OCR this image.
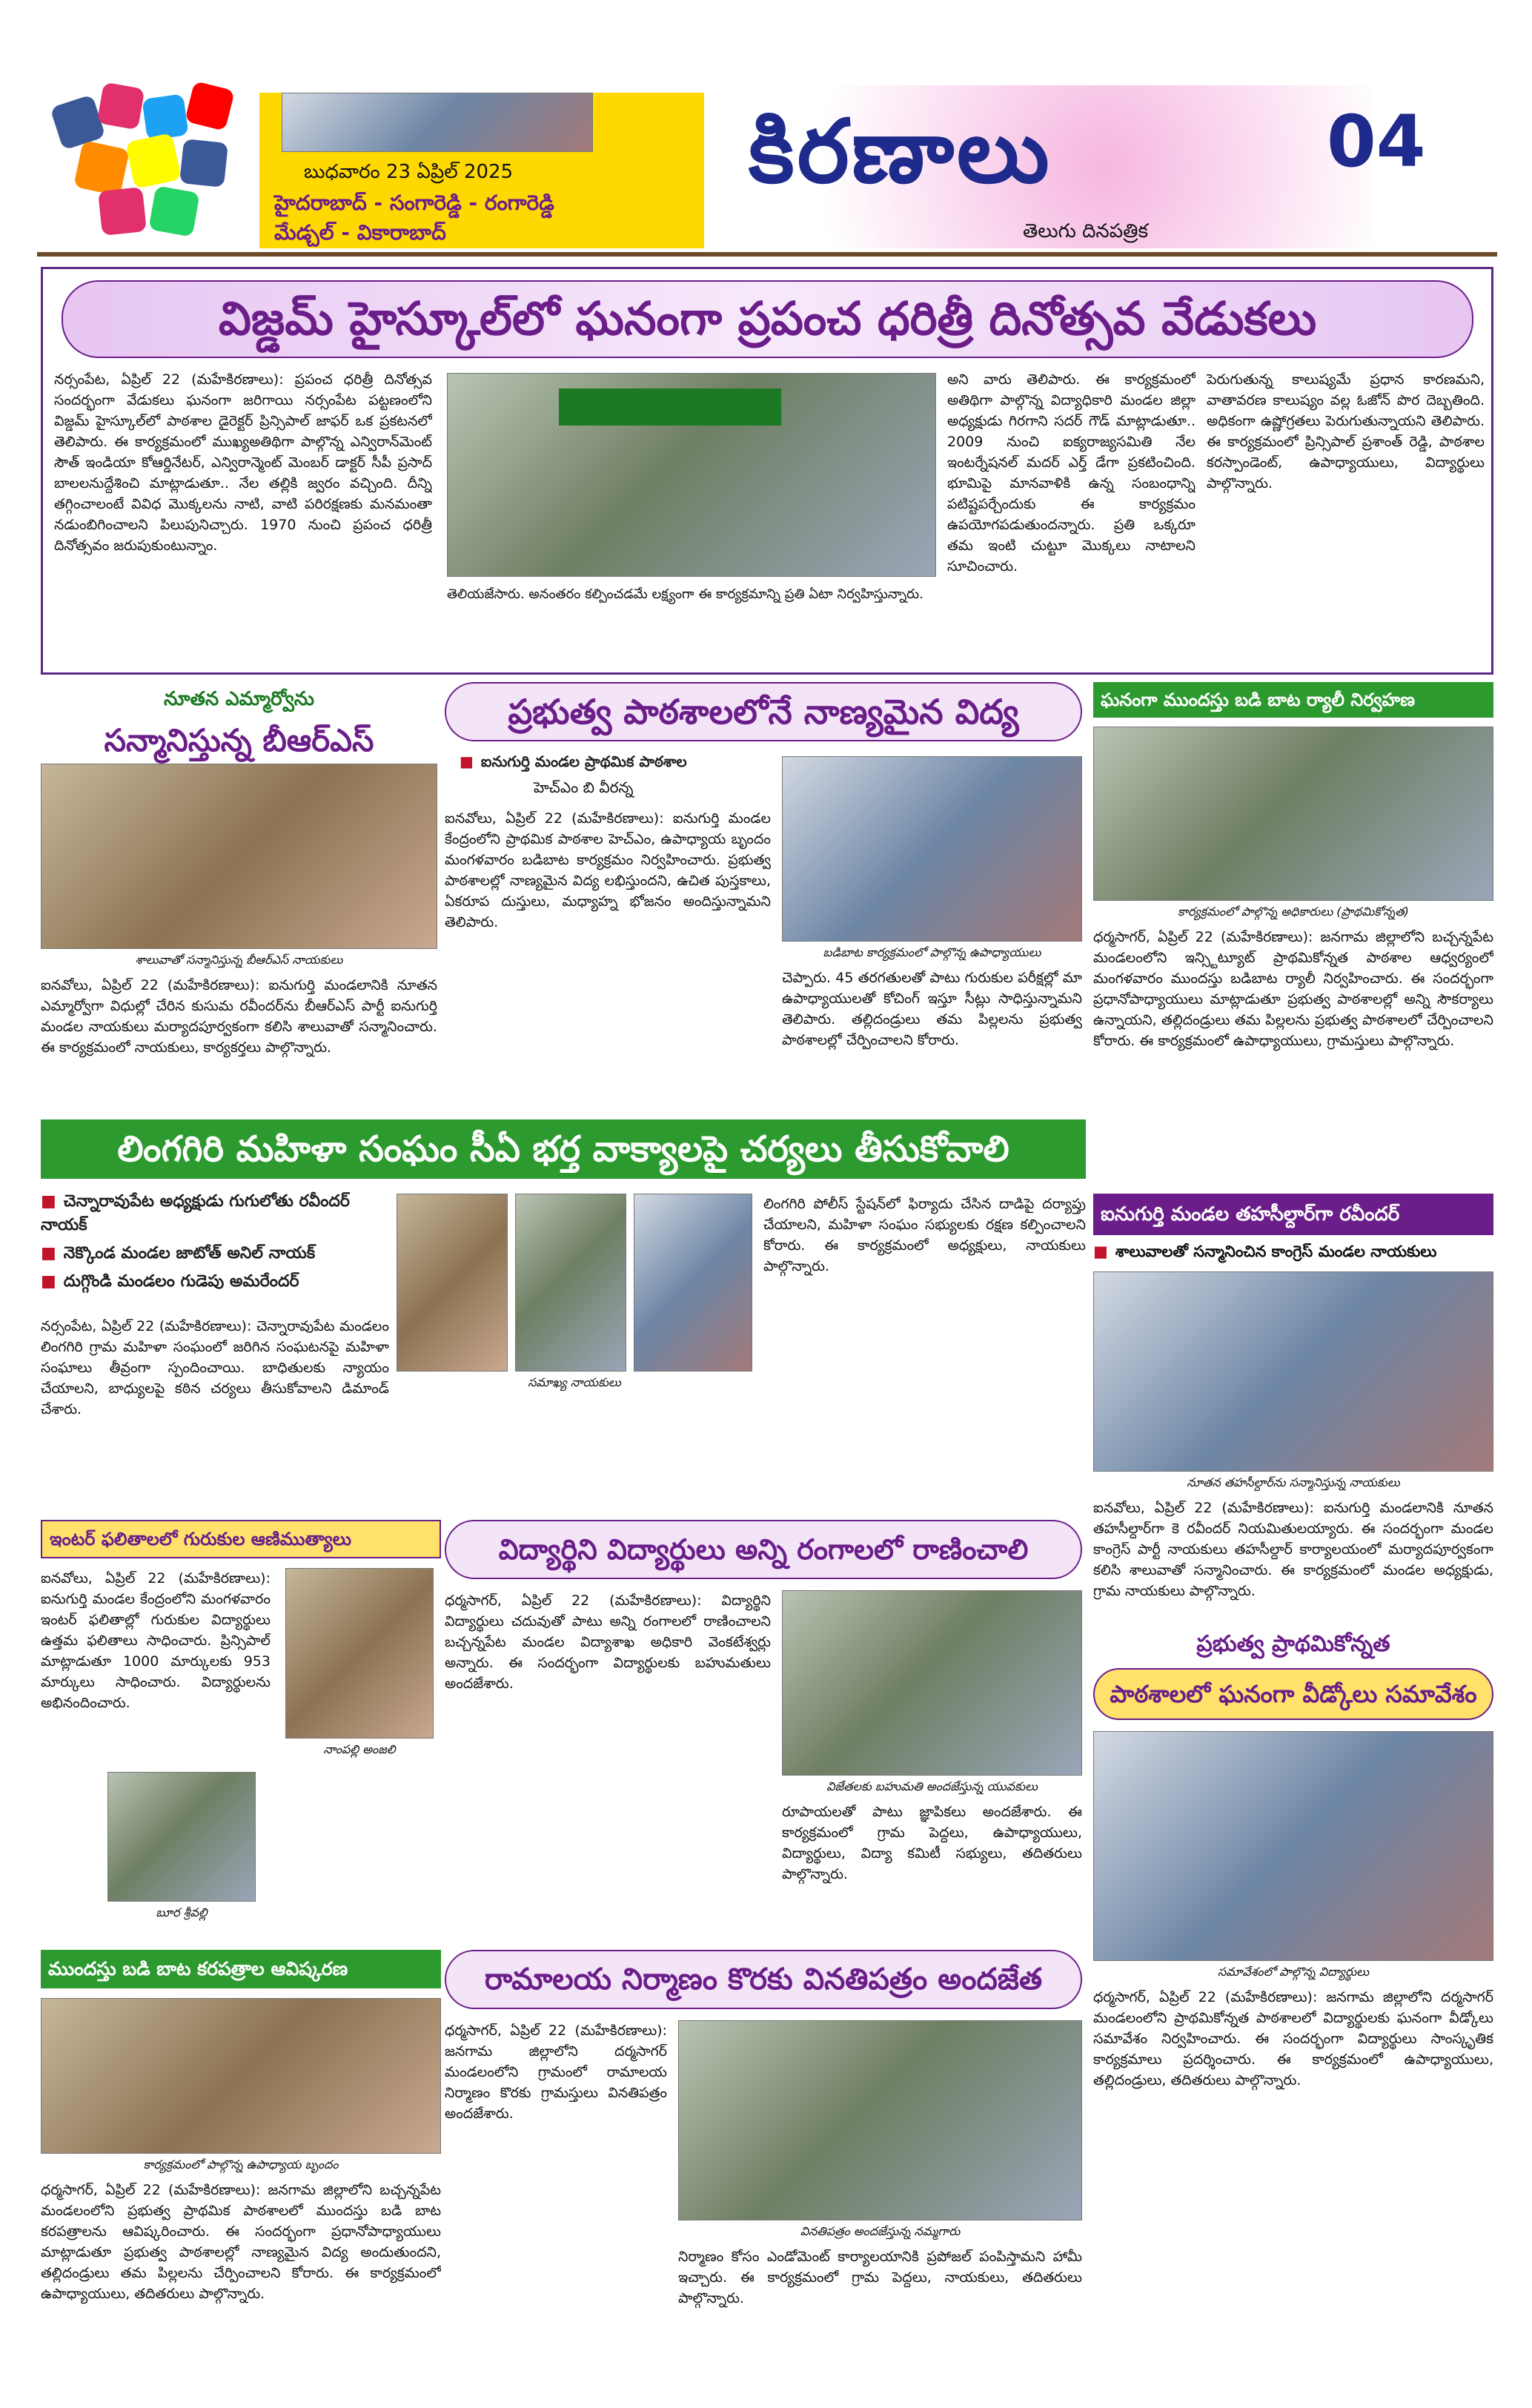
బుధవారం 23 ఏప్రిల్ 2025
హైదరాబాద్ - సంగారెడ్డి - రంగారెడ్డి
మేడ్చల్ - వికారాబాద్
కిరణాలు
తెలుగు దినపత్రిక
04
విజ్డమ్ హైస్కూల్‌లో ఘనంగా ప్రపంచ ధరిత్రీ దినోత్సవ వేడుకలు
నర్సంపేట, ఏప్రిల్ 22 (మహేకిరణాలు): ప్రపంచ ధరిత్రీ దినోత్సవ సందర్భంగా వేడుకలు ఘనంగా జరిగాయి నర్సంపేట పట్టణంలోని విజ్డమ్ హైస్కూల్‌లో పాఠశాల డైరెక్టర్ ప్రిన్సిపాల్ జాఫర్ ఒక ప్రకటనలో తెలిపారు. ఈ కార్యక్రమంలో ముఖ్యఅతిథిగా పాల్గొన్న ఎన్విరాన్‌మెంట్ సౌత్ ఇండియా కోఆర్డినేటర్, ఎన్విరాన్మెంట్ మెంబర్ డాక్టర్ సీపీ ప్రసాద్ బాలలనుద్దేశించి మాట్లాడుతూ.. నేల తల్లికి జ్వరం వచ్చింది. దీన్ని తగ్గించాలంటే వివిధ మొక్కలను నాటి, వాటి పరిరక్షణకు మనమంతా నడుంబిగించాలని పిలుపునిచ్చారు. 1970 నుంచి ప్రపంచ ధరిత్రీ దినోత్సవం జరుపుకుంటున్నాం.

తెలియజేసారు. అనంతరం కల్పించడమే లక్ష్యంగా ఈ కార్యక్రమాన్ని ప్రతి ఏటా నిర్వహిస్తున్నారు.
అని వారు తెలిపారు. ఈ కార్యక్రమంలో అతిథిగా పాల్గొన్న విద్యాధికారి మండల జిల్లా అధ్యక్షుడు గిరగాని సదర్ గౌడ్ మాట్లాడుతూ.. 2009 నుంచి ఐక్యరాజ్యసమితి నేల ఇంటర్నేషనల్ మదర్ ఎర్త్ డేగా ప్రకటించింది. భూమిపై మానవాళికి ఉన్న సంబంధాన్ని పటిష్టపర్చేందుకు ఈ కార్యక్రమం ఉపయోగపడుతుందన్నారు. ప్రతి ఒక్కరూ తమ ఇంటి చుట్టూ మొక్కలు నాటాలని సూచించారు.
పెరుగుతున్న కాలుష్యమే ప్రధాన కారణమని, వాతావరణ కాలుష్యం వల్ల ఓజోన్ పొర దెబ్బతింది. అధికంగా ఉష్ణోగ్రతలు పెరుగుతున్నాయని తెలిపారు. ఈ కార్యక్రమంలో ప్రిన్సిపాల్ ప్రశాంత్ రెడ్డి, పాఠశాల కరస్పాండెంట్, ఉపాధ్యాయులు, విద్యార్థులు పాల్గొన్నారు.
నూతన ఎమ్మార్వోను
సన్మానిస్తున్న బీఆర్ఎస్
శాలువాతో సన్మానిస్తున్న బీఆర్ఎస్ నాయకులు
ఐనవోలు, ఏప్రిల్ 22 (మహేకిరణాలు): ఐనుగుర్తి మండలానికి నూతన ఎమ్మార్వోగా విధుల్లో చేరిన కుసుమ రవీందర్‌ను బీఆర్ఎస్ పార్టీ ఐనుగుర్తి మండల నాయకులు మర్యాదపూర్వకంగా కలిసి శాలువాతో సన్మానించారు. ఈ కార్యక్రమంలో నాయకులు, కార్యకర్తలు పాల్గొన్నారు.
ప్రభుత్వ పాఠశాలలోనే నాణ్యమైన విద్య
■ ఐనుగుర్తి మండల ప్రాథమిక పాఠశాల
హెచ్ఎం బి వీరన్న
ఐనవోలు, ఏప్రిల్ 22 (మహేకిరణాలు): ఐనుగుర్తి మండల కేంద్రంలోని ప్రాథమిక పాఠశాల హెచ్ఎం, ఉపాధ్యాయ బృందం మంగళవారం బడిబాట కార్యక్రమం నిర్వహించారు. ప్రభుత్వ పాఠశాలల్లో నాణ్యమైన విద్య లభిస్తుందని, ఉచిత పుస్తకాలు, ఏకరూప దుస్తులు, మధ్యాహ్న భోజనం అందిస్తున్నామని తెలిపారు.
బడిబాట కార్యక్రమంలో పాల్గొన్న ఉపాధ్యాయులు
చెప్పారు. 45 తరగతులతో పాటు గురుకుల పరీక్షల్లో మా ఉపాధ్యాయులతో కోచింగ్ ఇస్తూ సీట్లు సాధిస్తున్నామని తెలిపారు. తల్లిదండ్రులు తమ పిల్లలను ప్రభుత్వ పాఠశాలల్లో చేర్పించాలని కోరారు.
ఘనంగా ముందస్తు బడి బాట ర్యాలీ నిర్వహణ
కార్యక్రమంలో పాల్గొన్న అధికారులు (ప్రాథమికోన్నత)
ధర్మసాగర్, ఏప్రిల్ 22 (మహేకిరణాలు): జనగామ జిల్లాలోని బచ్చన్నపేట మండలంలోని ఇన్స్టిట్యూట్ ప్రాథమికోన్నత పాఠశాల ఆధ్వర్యంలో మంగళవారం ముందస్తు బడిబాట ర్యాలీ నిర్వహించారు. ఈ సందర్భంగా ప్రధానోపాధ్యాయులు మాట్లాడుతూ ప్రభుత్వ పాఠశాలల్లో అన్ని సౌకర్యాలు ఉన్నాయని, తల్లిదండ్రులు తమ పిల్లలను ప్రభుత్వ పాఠశాలలో చేర్పించాలని కోరారు. ఈ కార్యక్రమంలో ఉపాధ్యాయులు, గ్రామస్తులు పాల్గొన్నారు.
లింగగిరి మహిళా సంఘం సీఏ భర్త వాక్యాలపై చర్యలు తీసుకోవాలి
■ చెన్నారావుపేట అధ్యక్షుడు గుగులోతు రవీందర్ నాయక్
■ నెక్కొండ మండల జాటోత్ అనిల్ నాయక్
■ దుగ్గొండి మండలం గుడెపు అమరేందర్
నర్సంపేట, ఏప్రిల్ 22 (మహేకిరణాలు): చెన్నారావుపేట మండలం లింగగిరి గ్రామ మహిళా సంఘంలో జరిగిన సంఘటనపై మహిళా సంఘాలు తీవ్రంగా స్పందించాయి. బాధితులకు న్యాయం చేయాలని, బాధ్యులపై కఠిన చర్యలు తీసుకోవాలని డిమాండ్ చేశారు.
సమాఖ్య నాయకులు
లింగగిరి పోలీస్ స్టేషన్‌లో ఫిర్యాదు చేసిన దాడిపై దర్యాప్తు చేయాలని, మహిళా సంఘం సభ్యులకు రక్షణ కల్పించాలని కోరారు. ఈ కార్యక్రమంలో అధ్యక్షులు, నాయకులు పాల్గొన్నారు.
ఐనుగుర్తి మండల తహసీల్దార్‌గా రవీందర్
■ శాలువాలతో సన్మానించిన కాంగ్రెస్ మండల నాయకులు
నూతన తహసీల్దార్‌ను సన్మానిస్తున్న నాయకులు
ఐనవోలు, ఏప్రిల్ 22 (మహేకిరణాలు): ఐనుగుర్తి మండలానికి నూతన తహసీల్దార్‌గా కె రవీందర్ నియమితులయ్యారు. ఈ సందర్భంగా మండల కాంగ్రెస్ పార్టీ నాయకులు తహసీల్దార్ కార్యాలయంలో మర్యాదపూర్వకంగా కలిసి శాలువాతో సన్మానించారు. ఈ కార్యక్రమంలో మండల అధ్యక్షుడు, గ్రామ నాయకులు పాల్గొన్నారు.
ఇంటర్ ఫలితాలలో గురుకుల ఆణిముత్యాలు
ఐనవోలు, ఏప్రిల్ 22 (మహేకిరణాలు): ఐనుగుర్తి మండల కేంద్రంలోని మంగళవారం ఇంటర్ ఫలితాల్లో గురుకుల విద్యార్థులు ఉత్తమ ఫలితాలు సాధించారు. ప్రిన్సిపాల్ మాట్లాడుతూ 1000 మార్కులకు 953 మార్కులు సాధించారు. విద్యార్థులను అభినందించారు.
నాంపల్లి అంజలి
బూర శ్రీవల్లి
విద్యార్థిని విద్యార్థులు అన్ని రంగాలలో రాణించాలి
ధర్మసాగర్, ఏప్రిల్ 22 (మహేకిరణాలు): విద్యార్థిని విద్యార్థులు చదువుతో పాటు అన్ని రంగాలలో రాణించాలని బచ్చన్నపేట మండల విద్యాశాఖ అధికారి వెంకటేశ్వర్లు అన్నారు. ఈ సందర్భంగా విద్యార్థులకు బహుమతులు అందజేశారు.
విజేతలకు బహుమతి అందజేస్తున్న యువకులు
రూపాయలతో పాటు జ్ఞాపికలు అందజేశారు. ఈ కార్యక్రమంలో గ్రామ పెద్దలు, ఉపాధ్యాయులు, విద్యార్థులు, విద్యా కమిటీ సభ్యులు, తదితరులు పాల్గొన్నారు.
ప్రభుత్వ ప్రాథమికోన్నత
పాఠశాలలో ఘనంగా వీడ్కోలు సమావేశం
సమావేశంలో పాల్గొన్న విద్యార్థులు
ధర్మసాగర్, ఏప్రిల్ 22 (మహేకిరణాలు): జనగామ జిల్లాలోని దర్మసాగర్ మండలంలోని ప్రాథమికోన్నత పాఠశాలలో విద్యార్థులకు ఘనంగా వీడ్కోలు సమావేశం నిర్వహించారు. ఈ సందర్భంగా విద్యార్థులు సాంస్కృతిక కార్యక్రమాలు ప్రదర్శించారు. ఈ కార్యక్రమంలో ఉపాధ్యాయులు, తల్లిదండ్రులు, తదితరులు పాల్గొన్నారు.
ముందస్తు బడి బాట కరపత్రాల ఆవిష్కరణ
కార్యక్రమంలో పాల్గొన్న ఉపాధ్యాయ బృందం
ధర్మసాగర్, ఏప్రిల్ 22 (మహేకిరణాలు): జనగామ జిల్లాలోని బచ్చన్నపేట మండలంలోని ప్రభుత్వ ప్రాథమిక పాఠశాలలో ముందస్తు బడి బాట కరపత్రాలను ఆవిష్కరించారు. ఈ సందర్భంగా ప్రధానోపాధ్యాయులు మాట్లాడుతూ ప్రభుత్వ పాఠశాలల్లో నాణ్యమైన విద్య అందుతుందని, తల్లిదండ్రులు తమ పిల్లలను చేర్పించాలని కోరారు. ఈ కార్యక్రమంలో ఉపాధ్యాయులు, తదితరులు పాల్గొన్నారు.
రామాలయ నిర్మాణం కొరకు వినతిపత్రం అందజేత
ధర్మసాగర్, ఏప్రిల్ 22 (మహేకిరణాలు): జనగామ జిల్లాలోని దర్మసాగర్ మండలంలోని గ్రామంలో రామాలయ నిర్మాణం కొరకు గ్రామస్తులు వినతిపత్రం అందజేశారు.
వినతిపత్రం అందజేస్తున్న నమ్మగారు
నిర్మాణం కోసం ఎండోమెంట్ కార్యాలయానికి ప్రపోజల్ పంపిస్తామని హామీ ఇచ్చారు. ఈ కార్యక్రమంలో గ్రామ పెద్దలు, నాయకులు, తదితరులు పాల్గొన్నారు.
